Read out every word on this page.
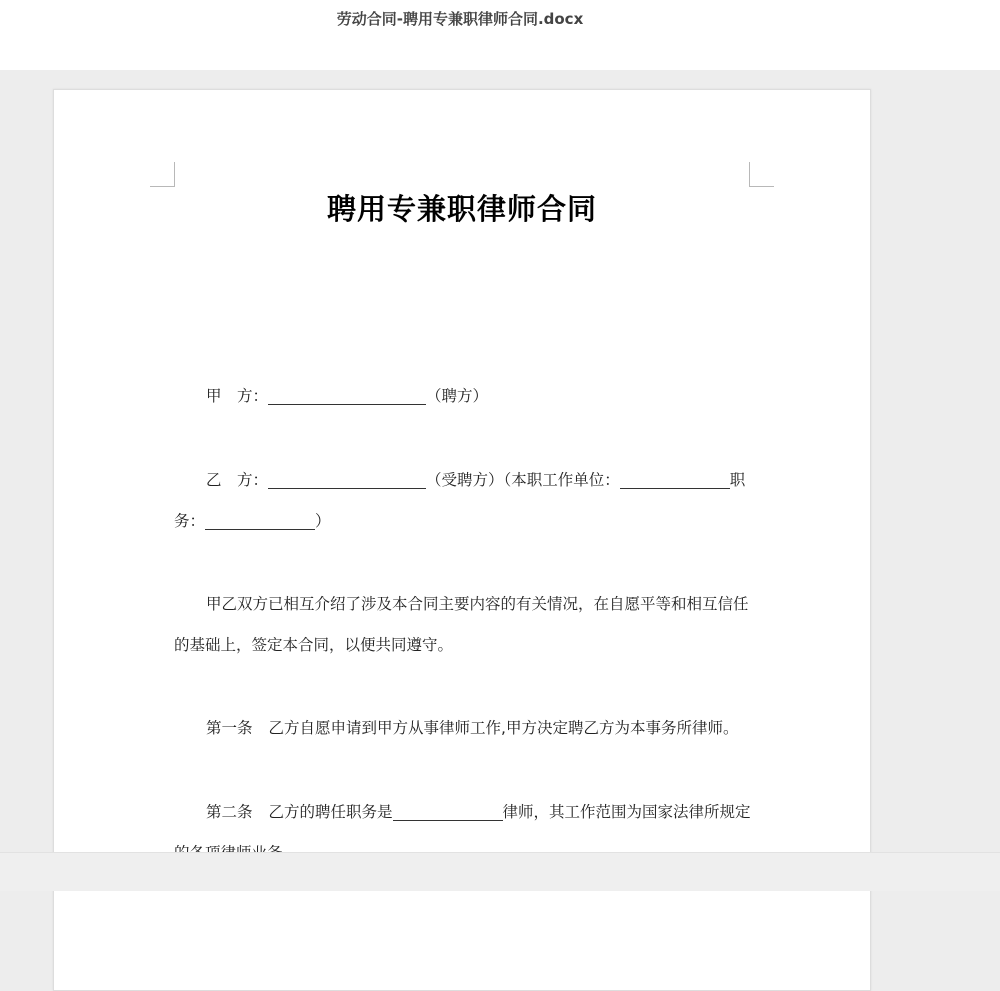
劳动合同-聘用专兼职律师合同.docx
聘用专兼职律师合同

甲　方：	（聘方）

乙　方：	（受聘方）（本职工作单位：	职务：	）

甲乙双方已相互介绍了涉及本合同主要内容的有关情况，在自愿平等和相互信任的基础上，签定本合同，以便共同遵守。

第一条 乙方自愿申请到甲方从事律师工作,甲方决定聘乙方为本事务所律师。

第二条 乙方的聘任职务是	律师，其工作范围为国家法律所规定
